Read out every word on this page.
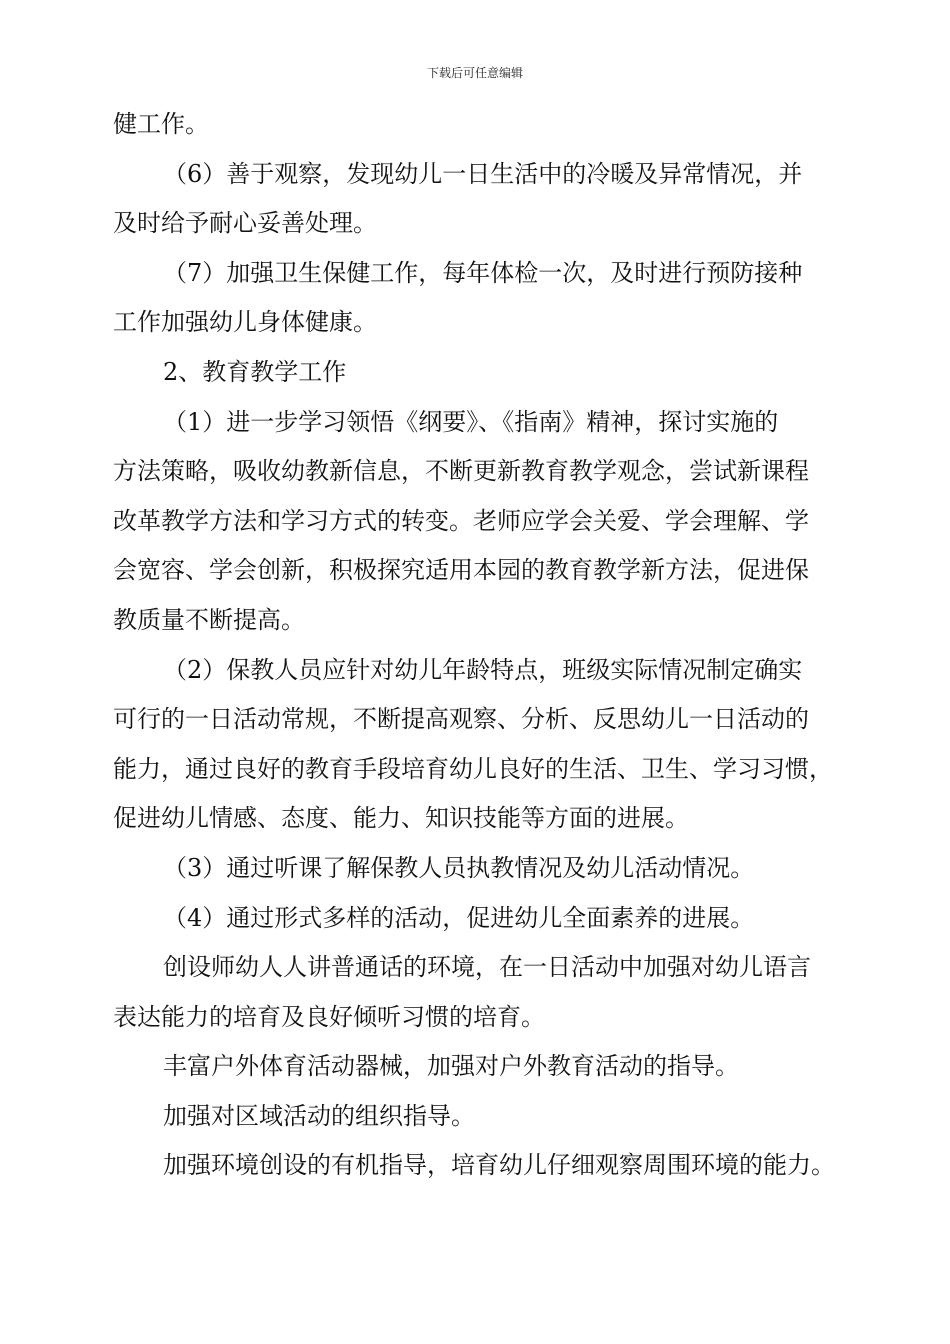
下载后可任意编辑
健工作。
（6）善于观察，发现幼儿一日生活中的冷暖及异常情况，并
及时给予耐心妥善处理。
（7）加强卫生保健工作，每年体检一次，及时进行预防接种
工作加强幼儿身体健康。
2、教育教学工作
（1）进一步学习领悟《纲要》、《指南》精神，探讨实施的
方法策略，吸收幼教新信息，不断更新教育教学观念，尝试新课程
改革教学方法和学习方式的转变。老师应学会关爱、学会理解、学
会宽容、学会创新，积极探究适用本园的教育教学新方法，促进保
教质量不断提高。
（2）保教人员应针对幼儿年龄特点，班级实际情况制定确实
可行的一日活动常规，不断提高观察、分析、反思幼儿一日活动的
能力，通过良好的教育手段培育幼儿良好的生活、卫生、学习习惯，
促进幼儿情感、态度、能力、知识技能等方面的进展。
（3）通过听课了解保教人员执教情况及幼儿活动情况。
（4）通过形式多样的活动，促进幼儿全面素养的进展。
创设师幼人人讲普通话的环境，在一日活动中加强对幼儿语言
表达能力的培育及良好倾听习惯的培育。
丰富户外体育活动器械，加强对户外教育活动的指导。
加强对区域活动的组织指导。
加强环境创设的有机指导，培育幼儿仔细观察周围环境的能力。
